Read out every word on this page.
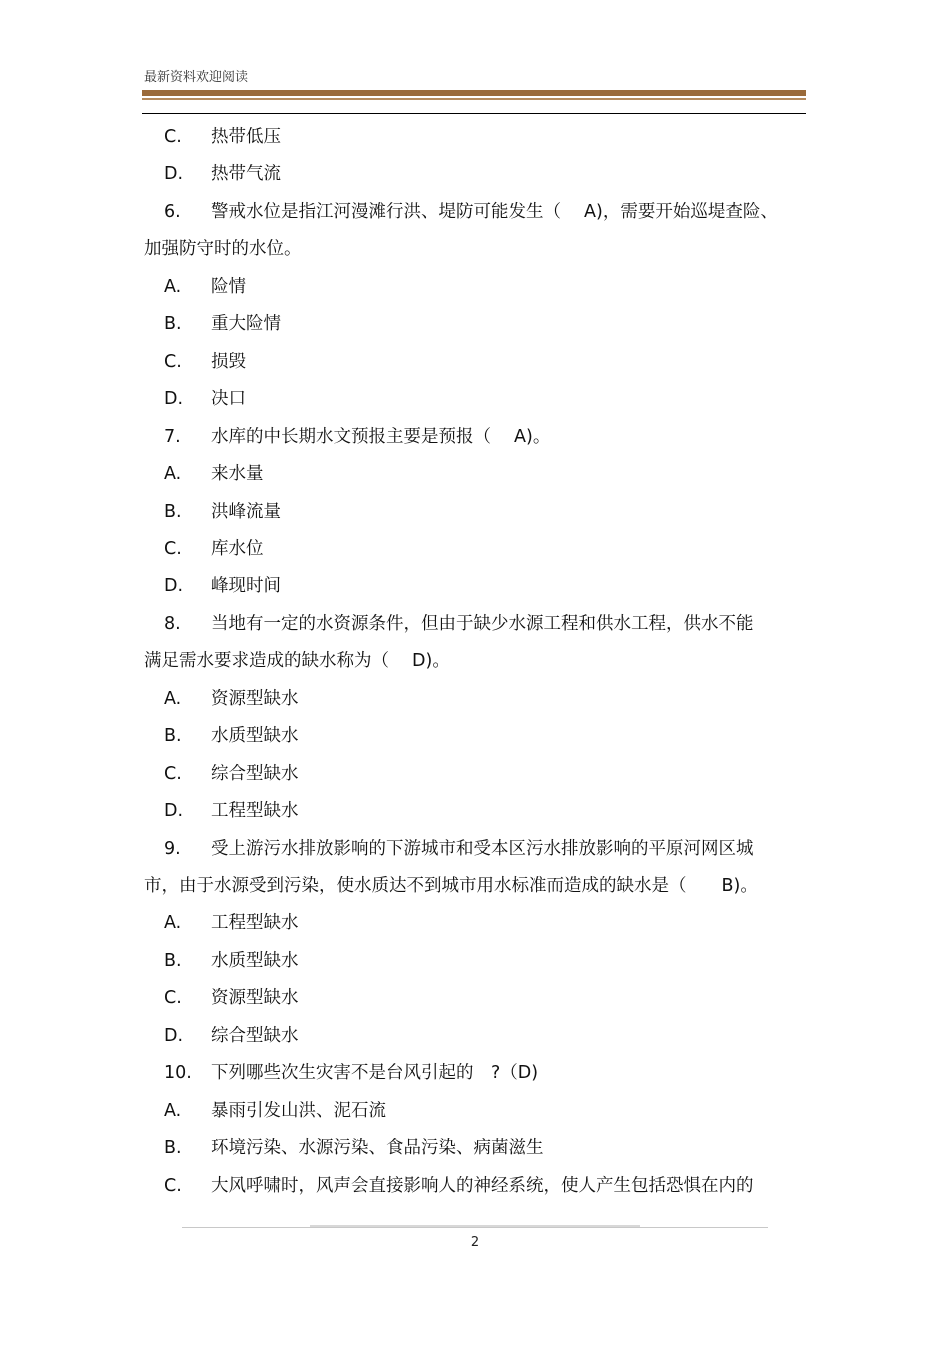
最新资料欢迎阅读
C. 热带低压
D. 热带气流
6. 警戒水位是指江河漫滩行洪、堤防可能发生（　 A)，需要开始巡堤查险、
加强防守时的水位。
A. 险情
B. 重大险情
C. 损毁
D. 决口
7. 水库的中长期水文预报主要是预报（　 A)。
A. 来水量
B. 洪峰流量
C. 库水位
D. 峰现时间
8. 当地有一定的水资源条件，但由于缺少水源工程和供水工程，供水不能
满足需水要求造成的缺水称为（　 D)。
A. 资源型缺水
B. 水质型缺水
C. 综合型缺水
D. 工程型缺水
9. 受上游污水排放影响的下游城市和受本区污水排放影响的平原河网区城
市，由于水源受到污染，使水质达不到城市用水标准而造成的缺水是（　　B)。
A. 工程型缺水
B. 水质型缺水
C. 资源型缺水
D. 综合型缺水
10. 下列哪些次生灾害不是台风引起的　?（D)
A. 暴雨引发山洪、泥石流
B. 环境污染、水源污染、食品污染、病菌滋生
C. 大风呼啸时，风声会直接影响人的神经系统，使人产生包括恐惧在内的
2
